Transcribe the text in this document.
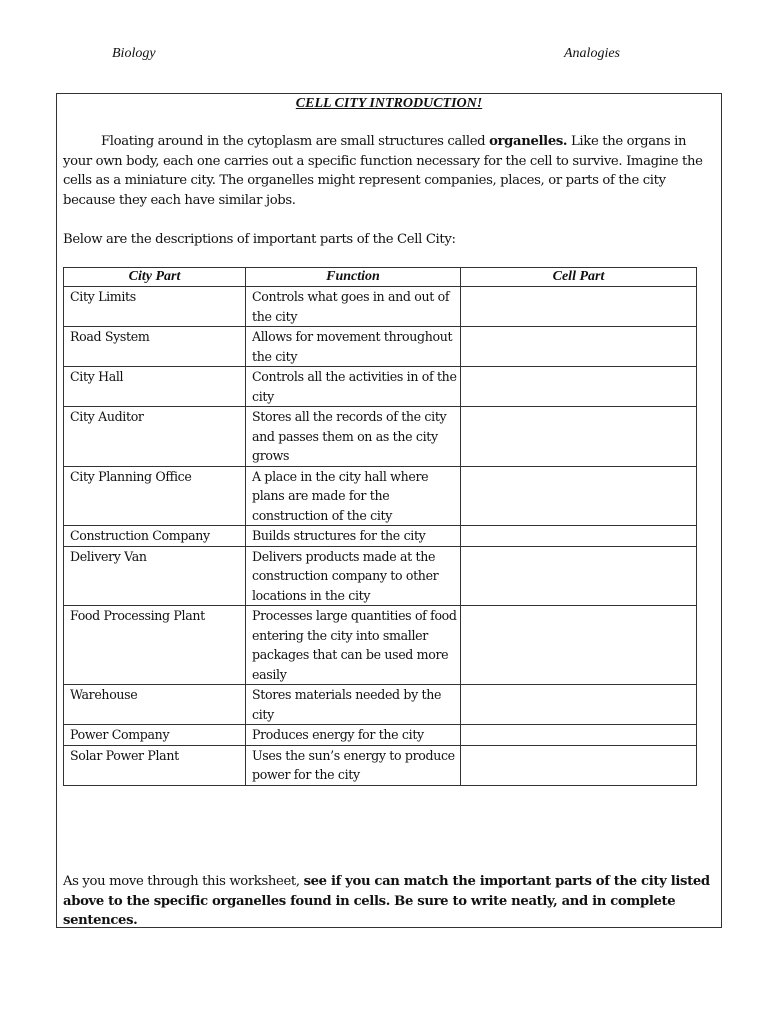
Biology	Analogies
CELL CITY INTRODUCTION!

Floating around in the cytoplasm are small structures called organelles. Like the organs in your own body, each one carries out a specific function necessary for the cell to survive. Imagine the cells as a miniature city. The organelles might represent companies, places, or parts of the city because they each have similar jobs.

Below are the descriptions of important parts of the Cell City:

City Part	Function	Cell Part
City Limits	Controls what goes in and out of the city	
Road System	Allows for movement throughout the city	
City Hall	Controls all the activities in of the city	
City Auditor	Stores all the records of the city and passes them on as the city grows	
City Planning Office	A place in the city hall where plans are made for the construction of the city	
Construction Company	Builds structures for the city	
Delivery Van	Delivers products made at the construction company to other locations in the city	
Food Processing Plant	Processes large quantities of food entering the city into smaller packages that can be used more easily	
Warehouse	Stores materials needed by the city	
Power Company	Produces energy for the city	
Solar Power Plant	Uses the sun’s energy to produce power for the city	

As you move through this worksheet, see if you can match the important parts of the city listed above to the specific organelles found in cells. Be sure to write neatly, and in complete sentences.
